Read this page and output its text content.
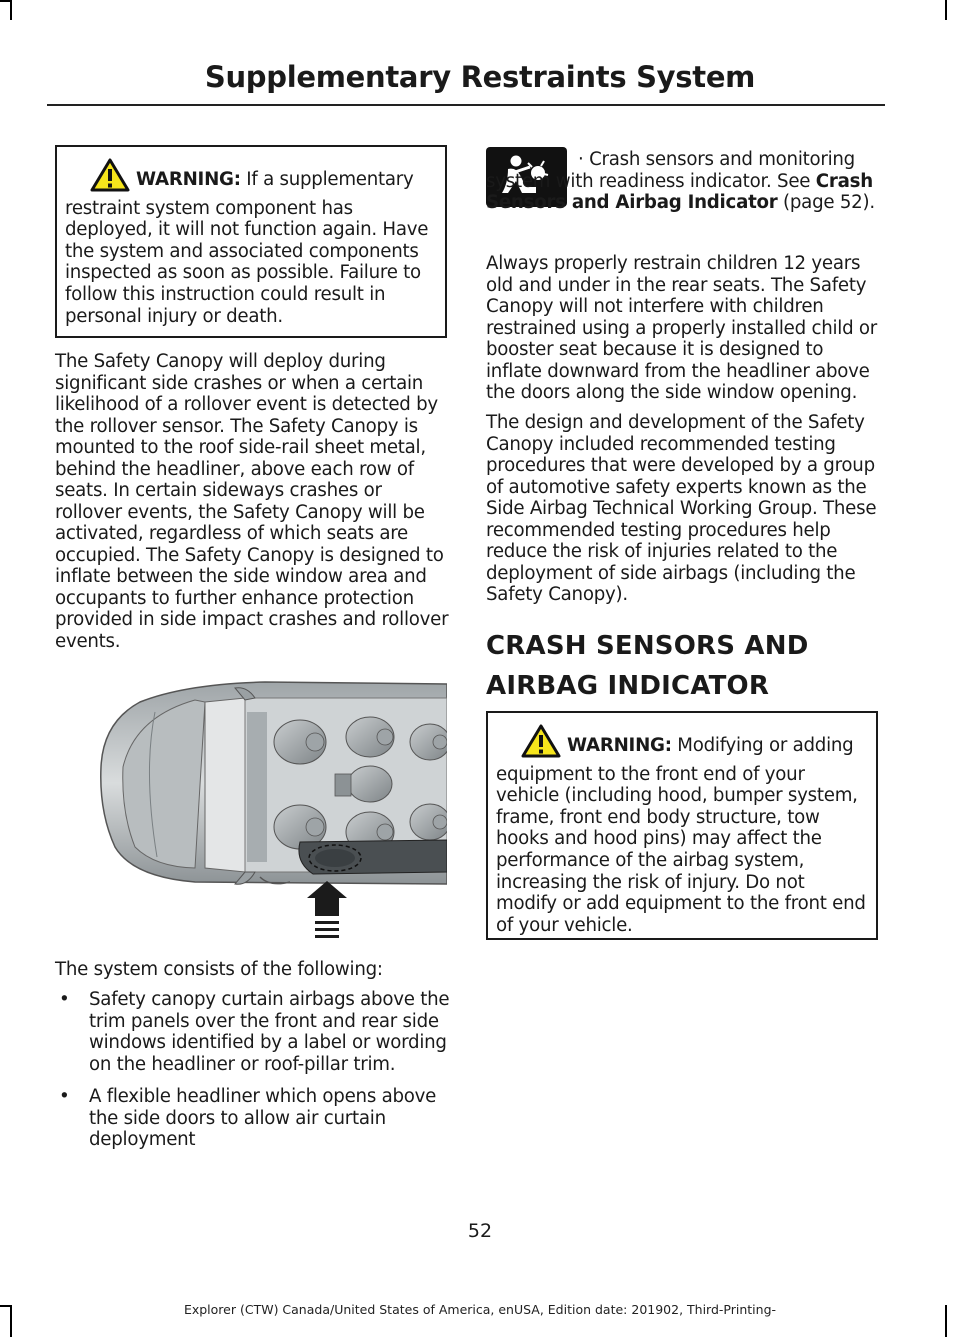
Supplementary Restraints System

WARNING: If a supplementary restraint system component has deployed, it will not function again. Have the system and associated components inspected as soon as possible. Failure to follow this instruction could result in personal injury or death.

The Safety Canopy will deploy during significant side crashes or when a certain likelihood of a rollover event is detected by the rollover sensor. The Safety Canopy is mounted to the roof side-rail sheet metal, behind the headliner, above each row of seats. In certain sideways crashes or rollover events, the Safety Canopy will be activated, regardless of which seats are occupied. The Safety Canopy is designed to inflate between the side window area and occupants to further enhance protection provided in side impact crashes and rollover events.

The system consists of the following:

• Safety canopy curtain airbags above the trim panels over the front and rear side windows identified by a label or wording on the headliner or roof-pillar trim.
• A flexible headliner which opens above the side doors to allow air curtain deployment

· Crash sensors and monitoring system with readiness indicator. See Crash Sensors and Airbag Indicator (page 52).

Always properly restrain children 12 years old and under in the rear seats. The Safety Canopy will not interfere with children restrained using a properly installed child or booster seat because it is designed to inflate downward from the headliner above the doors along the side window opening.

The design and development of the Safety Canopy included recommended testing procedures that were developed by a group of automotive safety experts known as the Side Airbag Technical Working Group. These recommended testing procedures help reduce the risk of injuries related to the deployment of side airbags (including the Safety Canopy).

CRASH SENSORS AND
AIRBAG INDICATOR

WARNING: Modifying or adding equipment to the front end of your vehicle (including hood, bumper system, frame, front end body structure, tow hooks and hood pins) may affect the performance of the airbag system, increasing the risk of injury. Do not modify or add equipment to the front end of your vehicle.

52
Explorer (CTW) Canada/United States of America, enUSA, Edition date: 201902, Third-Printing-
